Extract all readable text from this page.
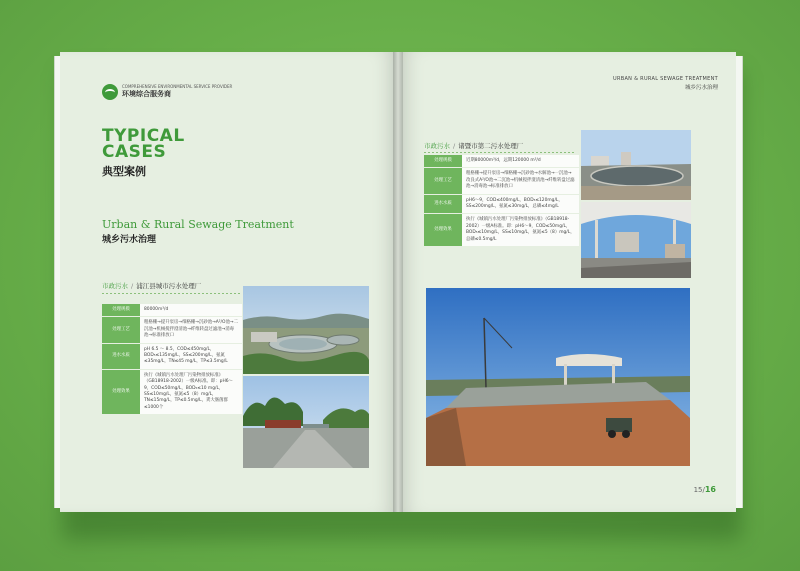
COMPREHENSIVE ENVIRONMENTAL SERVICE PROVIDER
环境综合服务商
TYPICAL
CASES
典型案例
Urban & Rural Sewage Treatment
城乡污水治理
市政污水 / 浦江县城市污水处理厂
处理规模	80000m³/d
处理工艺	粗格栅→提升泵房→细格栅→沉砂池→A²/O池→二沉池→机械搅拌澄清池→纤维转盘过滤池→消毒池→标准排放口
进水水质	pH 6.5 ～ 8.5，COD≤450mg/L，BOD₅≤135mg/L，SS≤200mg/L，氨氮≤35mg/L，TN≤45 mg/L，TP≤3.5mg/L
处理效果	执行《城镇污水处理厂污染物排放标准》（GB18918-2002）一级A标准。即：pH6～9，COD≤50mg/L，BOD₅≤10 mg/L，SS≤10mg/L，氨氮≤5（8）mg/L，TN≤15mg/L，TP≤0.5mg/L，粪大肠菌群≤1000个
URBAN & RURAL SEWAGE TREATMENT
城乡污水治理
市政污水 / 诸暨市第二污水处理厂
处理规模	近期80000m³/d，远期120000 m³/d
处理工艺	粗格栅→提升泵房→细格栅→沉砂池→水解池→一沉池→改良式A²/O池→二沉池→机械搅拌澄清池→纤维转盘过滤池→消毒池→标准排放口
进水水质	pH6～9，COD≤400mg/L，BOD₅≤120mg/L，SS≤200mg/L，氨氮≤30mg/L，总磷≤4mg/L
处理效果	执行《城镇污水处理厂污染物排放标准》（GB18918-2002）一级A标准。即：pH6～9，COD≤50mg/L，BOD₅≤10mg/L，SS≤10mg/L，氨氮≤5（8）mg/L，总磷≤0.5mg/L
15/16
